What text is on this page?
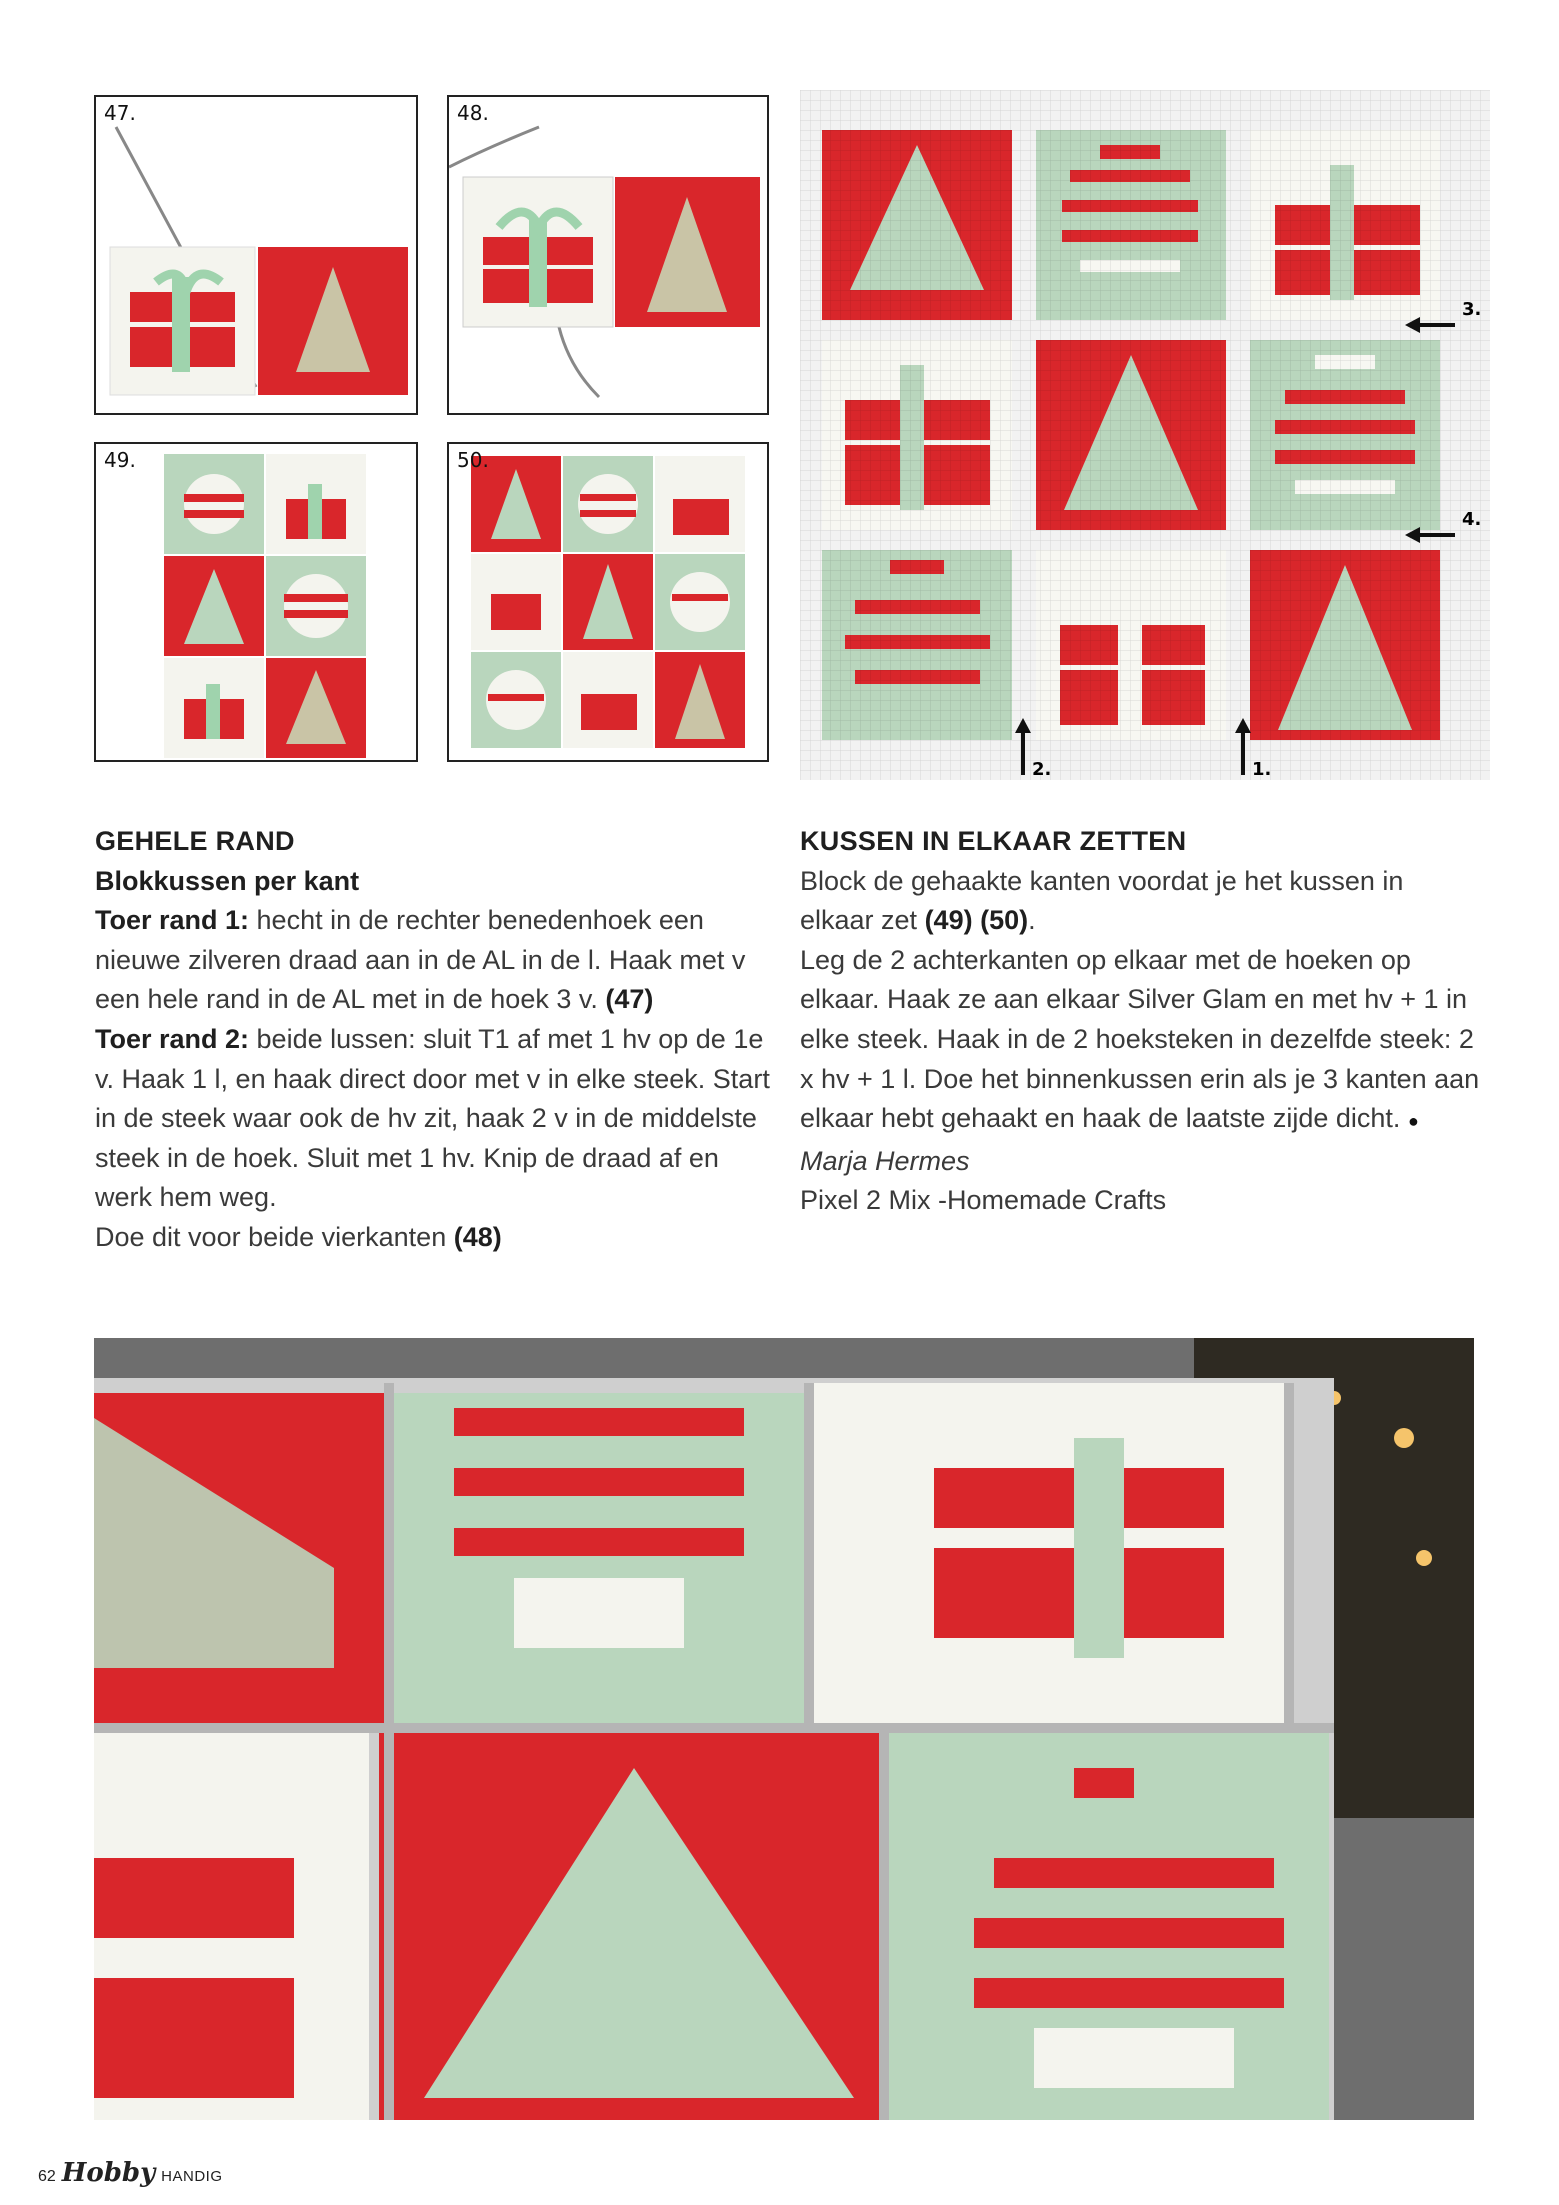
47.	48.
49.	50.
3.
4.
2.	1.

GEHELE RAND

Blokkussen per kant

Toer rand 1: hecht in de rechter benedenhoek een nieuwe zilveren draad aan in de AL in de l. Haak met v een hele rand in de AL met in de hoek 3 v. (47)

Toer rand 2: beide lussen: sluit T1 af met 1 hv op de 1e v. Haak 1 l, en haak direct door met v in elke steek. Start in de steek waar ook de hv zit, haak 2 v in de middelste steek in de hoek. Sluit met 1 hv. Knip de draad af en werk hem weg.

Doe dit voor beide vierkanten (48)

KUSSEN IN ELKAAR ZETTEN

Block de gehaakte kanten voordat je het kussen in elkaar zet (49) (50).

Leg de 2 achterkanten op elkaar met de hoeken op elkaar. Haak ze aan elkaar Silver Glam en met hv + 1 in elke steek. Haak in de 2 hoeksteken in dezelfde steek: 2 x hv + 1 l. Doe het binnenkussen erin als je 3 kanten aan elkaar hebt gehaakt en haak de laatste zijde dicht. ●

Marja Hermes

Pixel 2 Mix -Homemade Crafts

62 Hobby HANDIG
